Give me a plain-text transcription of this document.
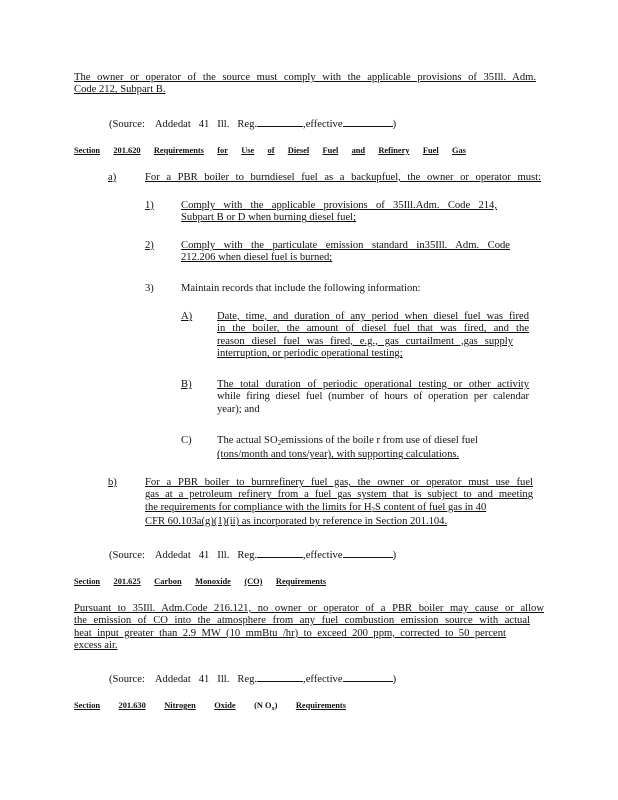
The owner or operator of the source must comply with the applicable provisions of 35Ill. Adm.
Code 212, Subpart B.
(Source: Addedat 41 Ill. Reg.	,effective	)
Section 201.620 Requirements for Use of Diesel Fuel and Refinery Fuel Gas
a)	For a PBR boiler to burndiesel fuel as a backupfuel, the owner or operator must:
1)	Comply with the applicable provisions of 35Ill.Adm. Code 214,
Subpart B or D when burning diesel fuel;
2)	Comply with the particulate emission standard in35Ill. Adm. Code
212.206 when diesel fuel is burned;
3)	Maintain records that include the following information:
A) Date, time, and duration of any period when diesel fuel was fired
in the boiler, the amount of diesel fuel that was fired, and the
reason diesel fuel was fired, e.g., gas curtailment ,gas supply
interruption, or periodic operational testing;
B) The total duration of periodic operational testing or other activity
while firing diesel fuel (number of hours of operation per calendar
year); and
C) The actual $SO_2emissions$ of the boile r from use of diesel fuel
(tons/month and tons/year), with supporting calculations.
b)	For a PBR boiler to burnrefinery fuel gas, the owner or operator must use fuel
gas at a petroleum refinery from a fuel gas system that is subject to and meeting
the requirements for compliance with the limits for $H_2S$ content of fuel gas in 40
CFR 60.103a(g)(1)(ii) as incorporated by reference in Section 201.104.
(Source: Addedat 41 Ill. Reg.	,effective	)
Section 201.625 Carbon Monoxide (CO) Requirements
Pursuant to 35Ill. Adm.Code 216.121, no owner or operator of a PBR boiler may cause or allow
the emission of CO into the atmosphere from any fuel combustion emission source with actual
heat input greater than 2.9 MW (10 mmBtu /hr) to exceed 200 ppm, corrected to 50 percent
excess air.
(Source: Addedat 41 Ill. Reg.	,effective	)
Section 201.630 Nitrogen Oxide (N Ox) Requirements
